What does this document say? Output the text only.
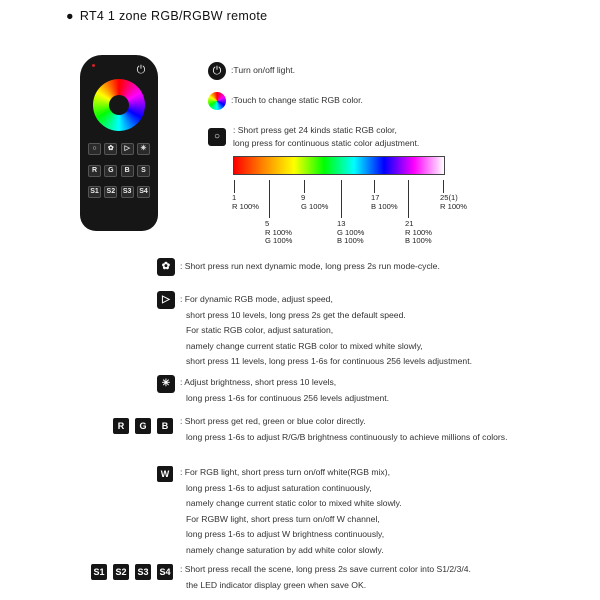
● RT4 1 zone RGB/RGBW remote
⏻
○	✿	▷	✳
R	G	B	S
S1	S2	S3	S4
⏻	:Turn on/off light.
:Touch to change static RGB color.
○
: Short press get 24 kinds static RGB color,
long press for continuous static color adjustment.
1
R 100%
5
R 100%
G 100%
9
G 100%
13
G 100%
B 100%
17
B 100%
21
R 100%
B 100%
25(1)
R 100%
✿	: Short press run next dynamic mode, long press 2s run mode-cycle.
▷	: For dynamic RGB mode, adjust speed,
short press 10 levels, long press 2s get the default speed.
For static RGB color, adjust saturation,
namely change current static RGB color to mixed white slowly,
short press 11 levels, long press 1-6s for continuous 256 levels adjustment.
✳	: Adjust brightness, short press 10 levels,
long press 1-6s for continuous 256 levels adjustment.
R	G	B	: Short press get red, green or blue color directly.
long press 1-6s to adjust R/G/B brightness continuously to achieve millions of colors.
W	: For RGB light, short press turn on/off white(RGB mix),
long press 1-6s to adjust saturation continuously,
namely change current static color to mixed white slowly.
For RGBW light, short press turn on/off W channel,
long press 1-6s to adjust W brightness continuously,
namely change saturation by add white color slowly.
S1 S2 S3 S4 : Short press recall the scene, long press 2s save current color into S1/2/3/4.
the LED indicator display green when save OK.
